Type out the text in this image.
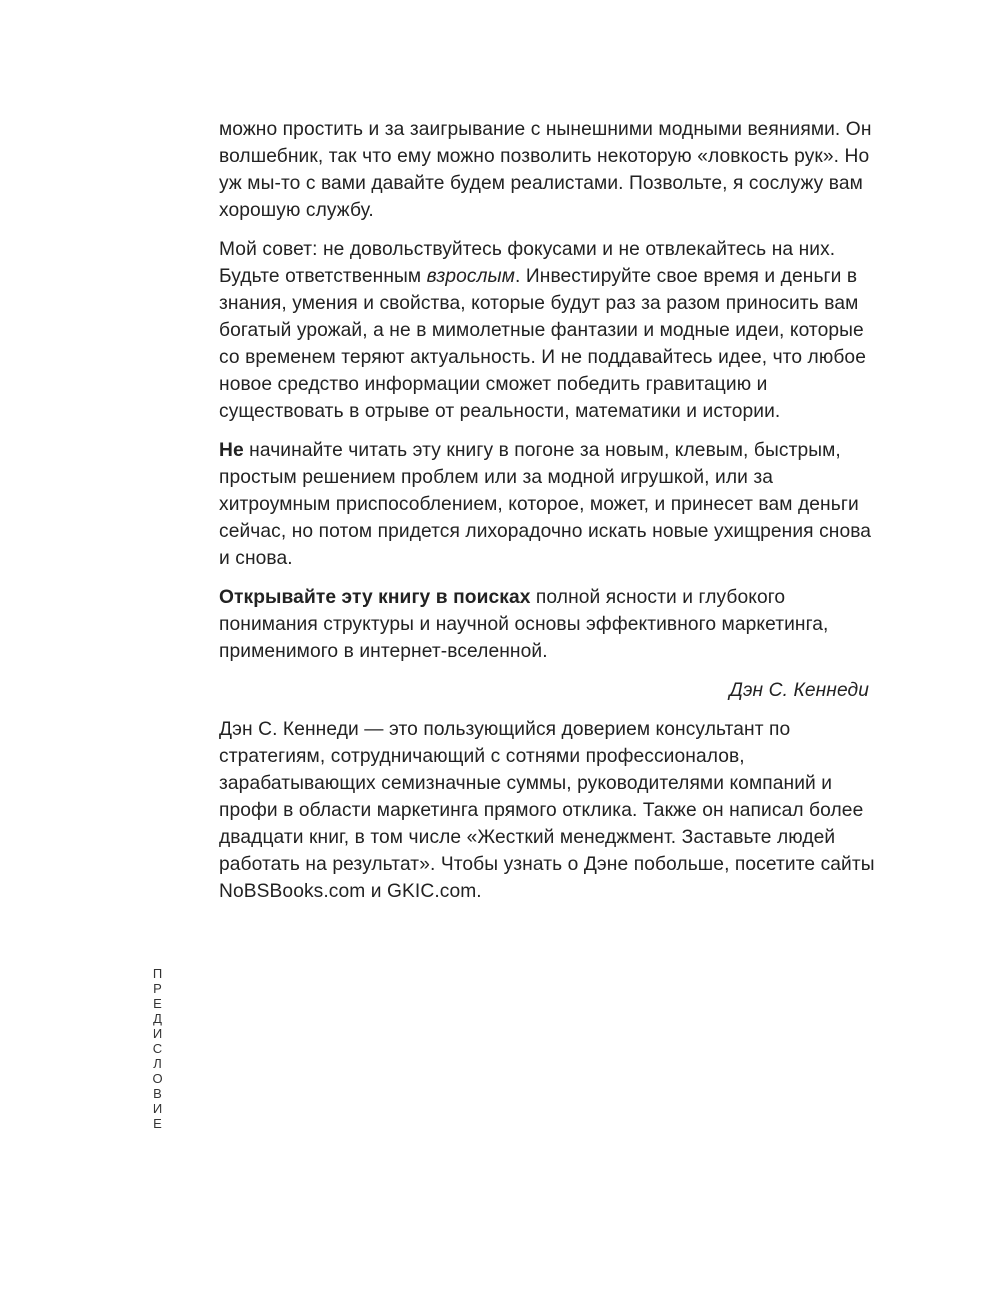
можно простить и за заигрывание с нынешними модными веяниями. Он волшебник, так что ему можно позволить некоторую «ловкость рук». Но уж мы-то с вами давайте будем реалистами. Позвольте, я сослужу вам хорошую службу.

Мой совет: не довольствуйтесь фокусами и не отвлекайтесь на них. Будьте ответственным взрослым. Инвестируйте свое время и деньги в знания, умения и свойства, которые будут раз за разом приносить вам богатый урожай, а не в мимолетные фантазии и модные идеи, которые со временем теряют актуальность. И не поддавайтесь идее, что любое новое средство информации сможет победить гравитацию и существовать в отрыве от реальности, математики и истории.

Не начинайте читать эту книгу в погоне за новым, клевым, быстрым, простым решением проблем или за модной игрушкой, или за хитроумным приспособлением, которое, может, и принесет вам деньги сейчас, но потом придется лихорадочно искать новые ухищрения снова и снова.

Открывайте эту книгу в поисках полной ясности и глубокого понимания структуры и научной основы эффективного маркетинга, применимого в интернет-вселенной.

Дэн С. Кеннеди

Дэн С. Кеннеди — это пользующийся доверием консультант по стратегиям, сотрудничающий с сотнями профессионалов, зарабатывающих семизначные суммы, руководителями компаний и профи в области маркетинга прямого отклика. Также он написал более двадцати книг, в том числе «Жесткий менеджмент. Заставьте людей работать на результат». Чтобы узнать о Дэне побольше, посетите сайты NoBSBooks.com и GKIC.com.

ПРЕДИСЛОВИЕ
